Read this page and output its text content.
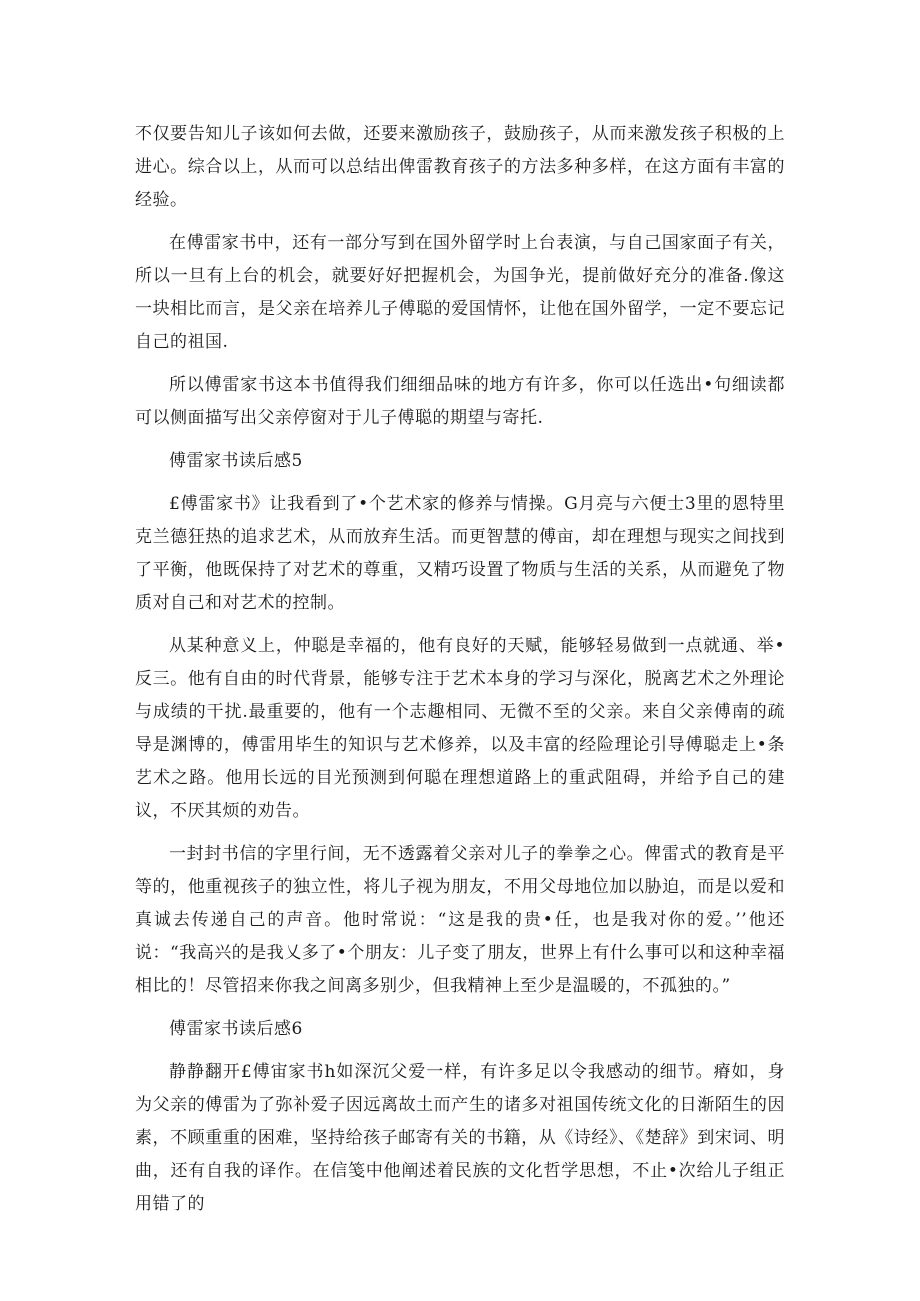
不仅要告知儿子该如何去做，还要来激励孩子，鼓励孩子，从而来激发孩子积极的上进心。综合以上，从而可以总结出俾雷教育孩子的方法多种多样，在这方面有丰富的经验。

在傅雷家书中，还有一部分写到在国外留学时上台表演，与自己国家面子有关，所以一旦有上台的机会，就要好好把握机会，为国争光，提前做好充分的准备.像这一块相比而言，是父亲在培养儿子傅聪的爱国情怀，让他在国外留学，一定不要忘记自己的祖国.

所以傅雷家书这本书值得我们细细品味的地方有许多，你可以任选出•句细读都可以侧面描写出父亲停窗对于儿子傅聪的期望与寄托.

傅雷家书读后感5

£傅雷家书》让我看到了•个艺术家的修养与情操。G月亮与六便士3里的恩特里克兰德狂热的追求艺术，从而放弃生活。而更智慧的傅亩，却在理想与现实之间找到了平衡，他既保持了对艺术的尊重，又精巧设置了物质与生活的关系，从而避免了物质对自己和对艺术的控制。

从某种意义上，仲聪是幸福的，他有良好的天赋，能够轻易做到一点就通、举•反三。他有自由的时代背景，能够专注于艺术本身的学习与深化，脱离艺术之外理论与成绩的干扰.最重要的，他有一个志趣相同、无微不至的父亲。来自父亲傅南的疏导是渊博的，傅雷用毕生的知识与艺术修养，以及丰富的经险理论引导傅聪走上•条艺术之路。他用长远的目光预测到何聪在理想道路上的重武阻碍，并给予自己的建议，不厌其烦的劝告。

一封封书信的字里行间，无不透露着父亲对儿子的拳拳之心。俾雷式的教育是平等的，他重视孩子的独立性，将儿子视为朋友，不用父母地位加以胁迫，而是以爱和真诚去传递自己的声音。他时常说：“这是我的贵•任，也是我对你的爱。’’他还说：“我高兴的是我乂多了•个朋友：儿子变了朋友，世界上有什么事可以和这种幸福相比的！尽管招来你我之间离多别少，但我精神上至少是温暖的，不孤独的。”

傅雷家书读后感6

静静翻开£傅宙家书h如深沉父爱一样，有许多足以令我感动的细节。瘠如，身为父亲的傅雷为了弥补爱子因远离故土而产生的诸多对祖国传统文化的日渐陌生的因素，不顾重重的困难，坚持给孩子邮寄有关的书籍，从《诗经》、《楚辞》到宋词、明曲，还有自我的译作。在信笺中他阐述着民族的文化哲学思想，不止•次给儿子组正用错了的
